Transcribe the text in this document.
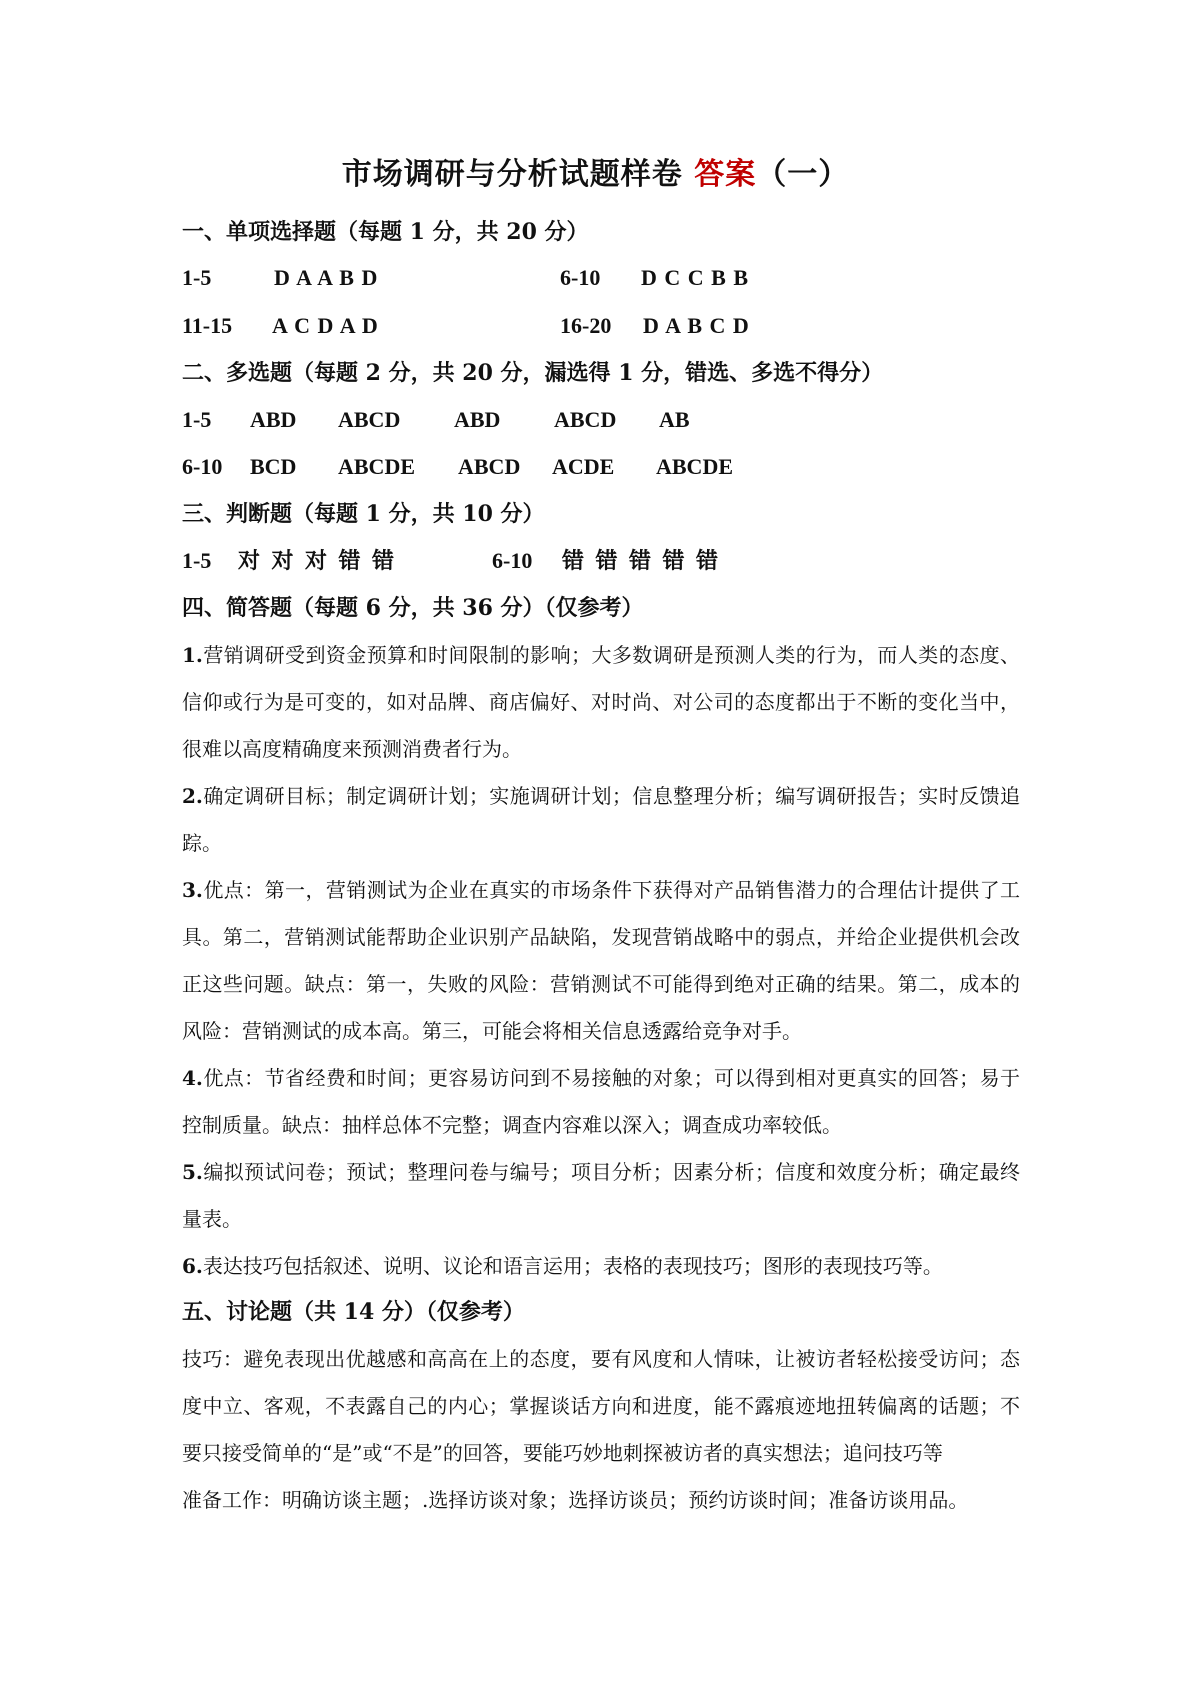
市场调研与分析试题样卷 答案（一）
一、单项选择题（每题 1 分，共 20 分）
1-5	D A A B D	6-10 D C C B B
11-15 A C D A D	16-20 D A B C D
二、多选题（每题 2 分，共 20 分，漏选得 1 分，错选、多选不得分）
1-5 ABD ABCD ABD ABCD AB
6-10 BCD ABCDE ABCD ACDE ABCDE
三、判断题（每题 1 分，共 10 分）
1-5 对 对 对 错 错	6-10 错 错 错 错 错
四、简答题（每题 6 分，共 36 分）（仅参考）
1.营销调研受到资金预算和时间限制的影响；大多数调研是预测人类的行为，而人类的态度、信仰或行为是可变的，如对品牌、商店偏好、对时尚、对公司的态度都出于不断的变化当中，很难以高度精确度来预测消费者行为。
2.确定调研目标；制定调研计划；实施调研计划；信息整理分析；编写调研报告；实时反馈追踪。
3.优点：第一，营销测试为企业在真实的市场条件下获得对产品销售潜力的合理估计提供了工具。第二，营销测试能帮助企业识别产品缺陷，发现营销战略中的弱点，并给企业提供机会改正这些问题。缺点：第一，失败的风险：营销测试不可能得到绝对正确的结果。第二，成本的风险：营销测试的成本高。第三，可能会将相关信息透露给竞争对手。
4.优点：节省经费和时间；更容易访问到不易接触的对象；可以得到相对更真实的回答；易于控制质量。缺点：抽样总体不完整；调查内容难以深入；调查成功率较低。
5.编拟预试问卷；预试；整理问卷与编号；项目分析；因素分析；信度和效度分析；确定最终量表。
6.表达技巧包括叙述、说明、议论和语言运用；表格的表现技巧；图形的表现技巧等。
五、讨论题（共 14 分）（仅参考）
技巧：避免表现出优越感和高高在上的态度，要有风度和人情味，让被访者轻松接受访问；态度中立、客观，不表露自己的内心；掌握谈话方向和进度，能不露痕迹地扭转偏离的话题；不要只接受简单的“是”或“不是”的回答，要能巧妙地刺探被访者的真实想法；追问技巧等
准备工作：明确访谈主题；.选择访谈对象；选择访谈员；预约访谈时间；准备访谈用品。
